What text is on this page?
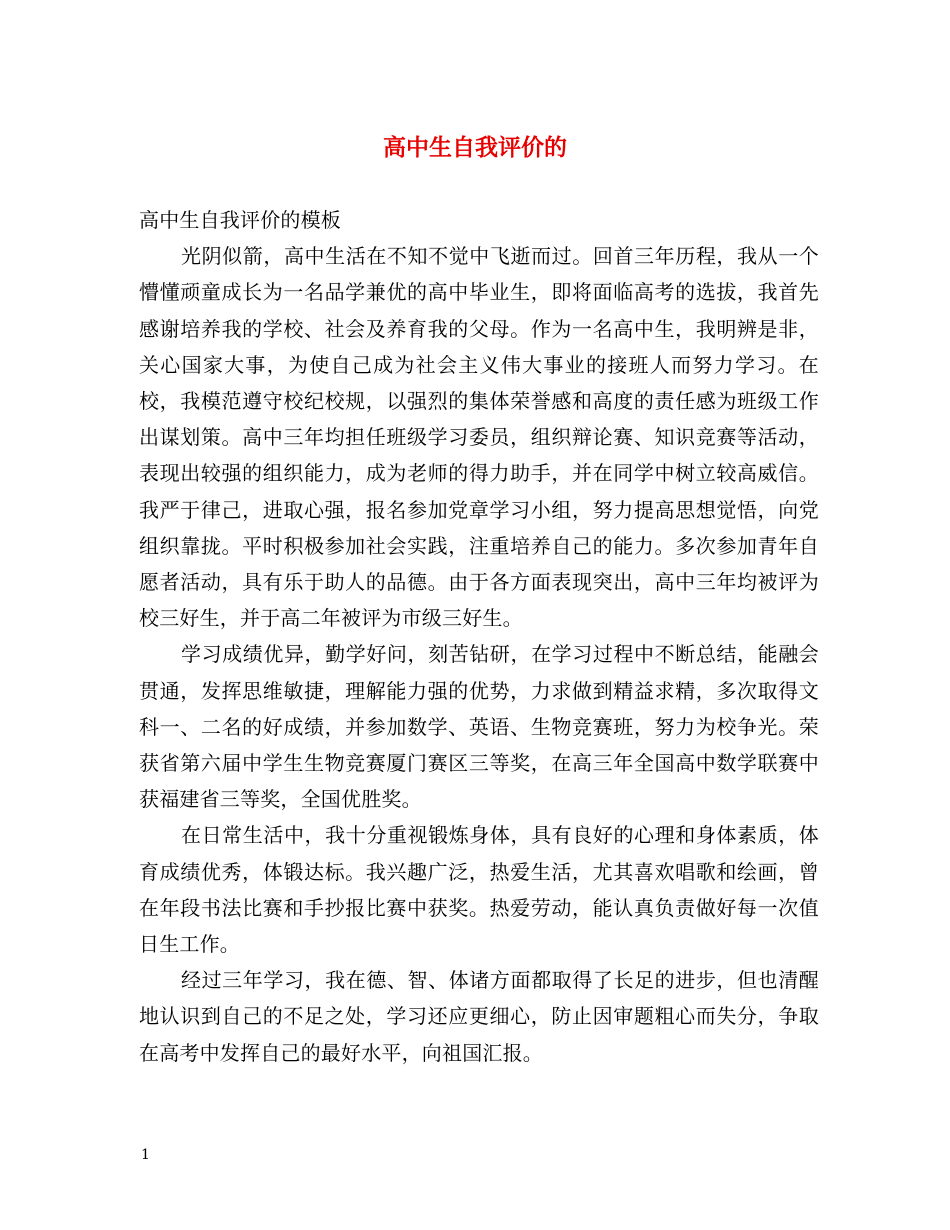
高中生自我评价的

高中生自我评价的模板

光阴似箭，高中生活在不知不觉中飞逝而过。回首三年历程，我从一个懵懂顽童成长为一名品学兼优的高中毕业生，即将面临高考的选拔，我首先感谢培养我的学校、社会及养育我的父母。作为一名高中生，我明辨是非，关心国家大事，为使自己成为社会主义伟大事业的接班人而努力学习。在校，我模范遵守校纪校规，以强烈的集体荣誉感和高度的责任感为班级工作出谋划策。高中三年均担任班级学习委员，组织辩论赛、知识竞赛等活动，表现出较强的组织能力，成为老师的得力助手，并在同学中树立较高威信。我严于律己，进取心强，报名参加党章学习小组，努力提高思想觉悟，向党组织靠拢。平时积极参加社会实践，注重培养自己的能力。多次参加青年自愿者活动，具有乐于助人的品德。由于各方面表现突出，高中三年均被评为校三好生，并于高二年被评为市级三好生。

学习成绩优异，勤学好问，刻苦钻研，在学习过程中不断总结，能融会贯通，发挥思维敏捷，理解能力强的优势，力求做到精益求精，多次取得文科一、二名的好成绩，并参加数学、英语、生物竞赛班，努力为校争光。荣获省第六届中学生生物竞赛厦门赛区三等奖，在高三年全国高中数学联赛中获福建省三等奖，全国优胜奖。

在日常生活中，我十分重视锻炼身体，具有良好的心理和身体素质，体育成绩优秀，体锻达标。我兴趣广泛，热爱生活，尤其喜欢唱歌和绘画，曾在年段书法比赛和手抄报比赛中获奖。热爱劳动，能认真负责做好每一次值日生工作。

经过三年学习，我在德、智、体诸方面都取得了长足的进步，但也清醒地认识到自己的不足之处，学习还应更细心，防止因审题粗心而失分，争取在高考中发挥自己的最好水平，向祖国汇报。

1
